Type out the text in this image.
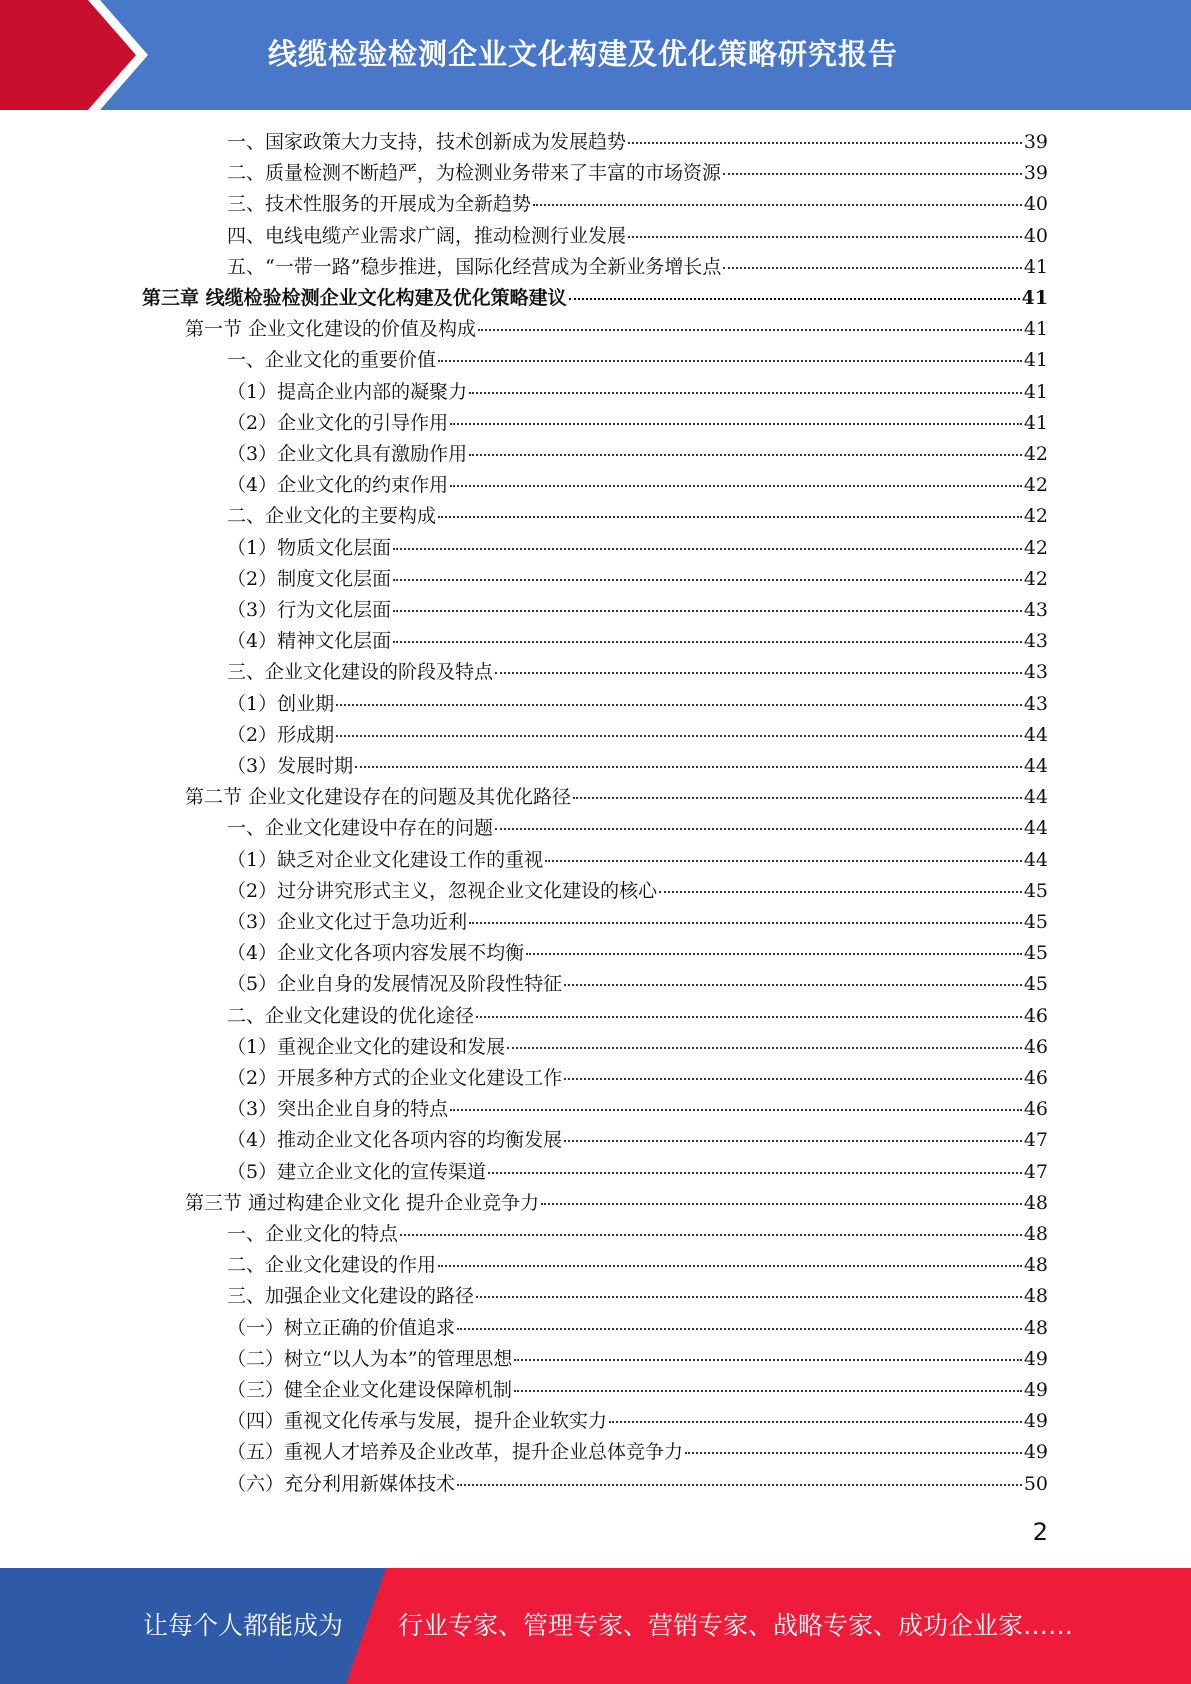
线缆检验检测企业文化构建及优化策略研究报告
一、国家政策大力支持，技术创新成为发展趋势	39
二、质量检测不断趋严，为检测业务带来了丰富的市场资源	39
三、技术性服务的开展成为全新趋势	40
四、电线电缆产业需求广阔，推动检测行业发展	40
五、“一带一路”稳步推进，国际化经营成为全新业务增长点	41
第三章 线缆检验检测企业文化构建及优化策略建议	41
第一节 企业文化建设的价值及构成	41
一、企业文化的重要价值	41
（1）提高企业内部的凝聚力	41
（2）企业文化的引导作用	41
（3）企业文化具有激励作用	42
（4）企业文化的约束作用	42
二、企业文化的主要构成	42
（1）物质文化层面	42
（2）制度文化层面	42
（3）行为文化层面	43
（4）精神文化层面	43
三、企业文化建设的阶段及特点	43
（1）创业期	43
（2）形成期	44
（3）发展时期	44
第二节 企业文化建设存在的问题及其优化路径	44
一、企业文化建设中存在的问题	44
（1）缺乏对企业文化建设工作的重视	44
（2）过分讲究形式主义，忽视企业文化建设的核心	45
（3）企业文化过于急功近利	45
（4）企业文化各项内容发展不均衡	45
（5）企业自身的发展情况及阶段性特征	45
二、企业文化建设的优化途径	46
（1）重视企业文化的建设和发展	46
（2）开展多种方式的企业文化建设工作	46
（3）突出企业自身的特点	46
（4）推动企业文化各项内容的均衡发展	47
（5）建立企业文化的宣传渠道	47
第三节 通过构建企业文化 提升企业竞争力	48
一、企业文化的特点	48
二、企业文化建设的作用	48
三、加强企业文化建设的路径	48
（一）树立正确的价值追求	48
（二）树立“以人为本”的管理思想	49
（三）健全企业文化建设保障机制	49
（四）重视文化传承与发展，提升企业软实力	49
（五）重视人才培养及企业改革，提升企业总体竞争力	49
（六）充分利用新媒体技术	50
2
让每个人都能成为 行业专家、管理专家、营销专家、战略专家、成功企业家……
